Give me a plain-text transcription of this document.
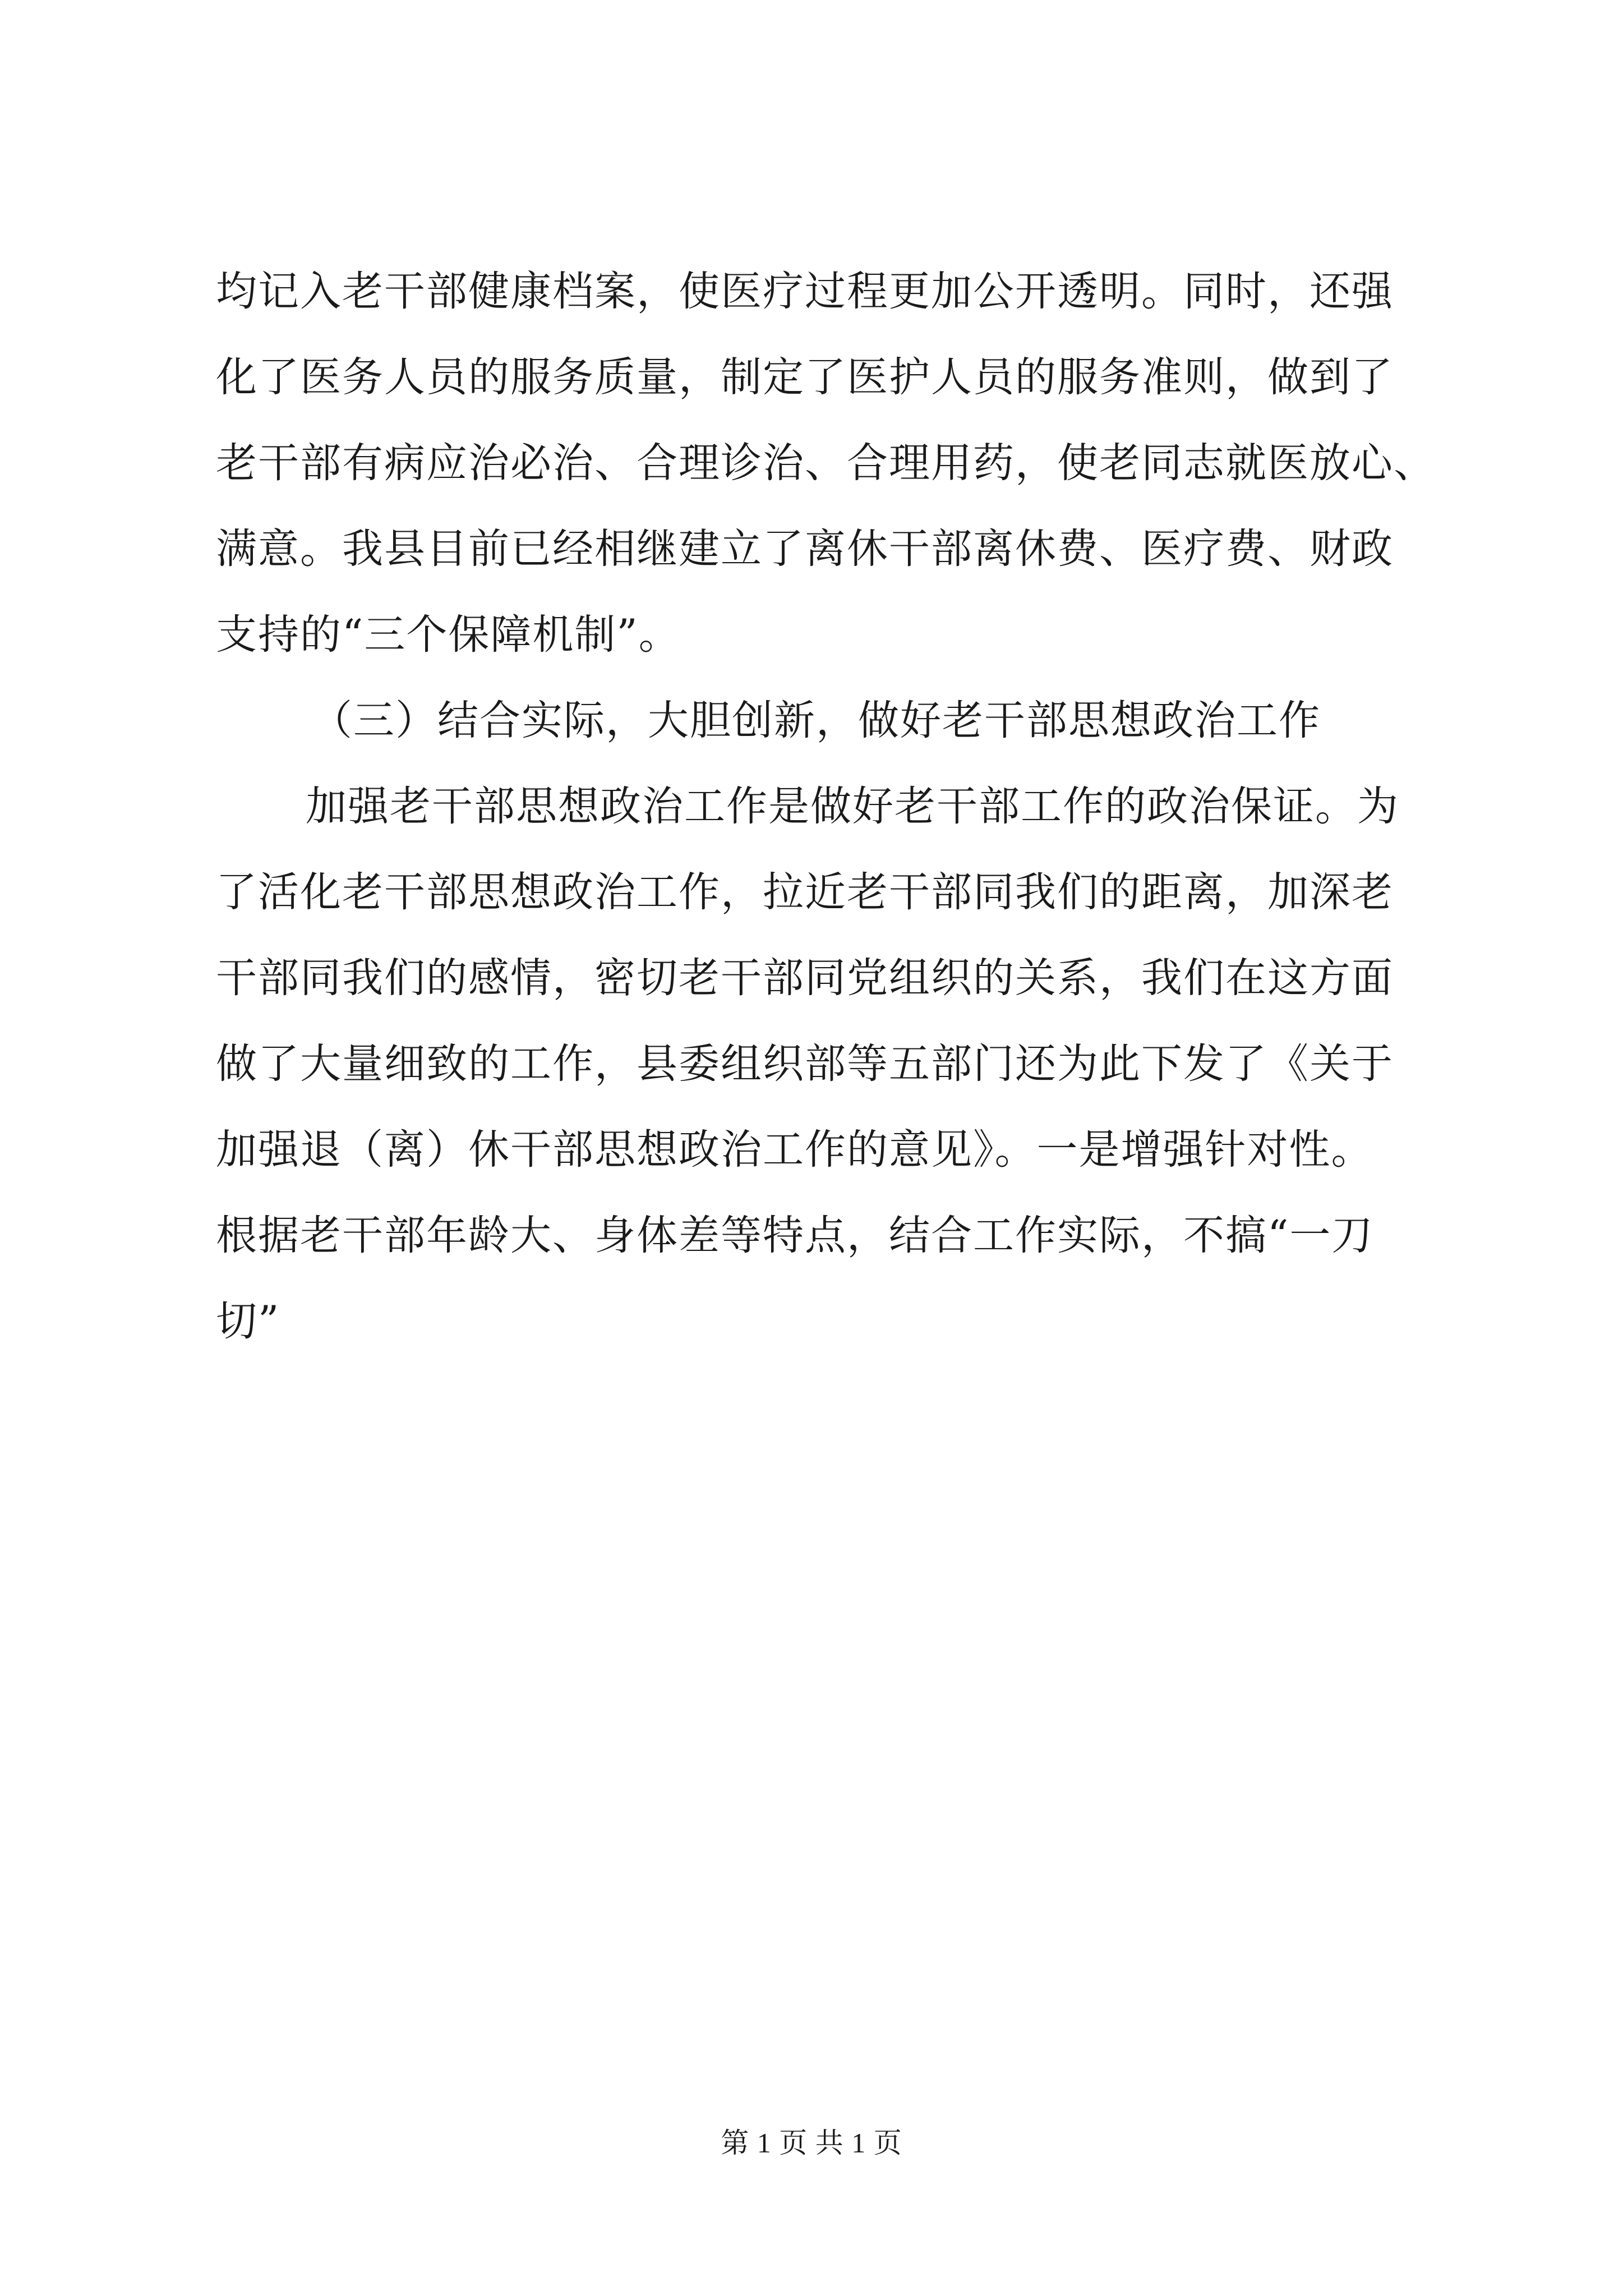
均记入老干部健康档案，使医疗过程更加公开透明。同时，还强
化了医务人员的服务质量，制定了医护人员的服务准则，做到了
老干部有病应治必治、合理诊治、合理用药，使老同志就医放心、
满意。我县目前已经相继建立了离休干部离休费、医疗费、财政
支持的“三个保障机制”。
（三）结合实际，大胆创新，做好老干部思想政治工作
加强老干部思想政治工作是做好老干部工作的政治保证。为
了活化老干部思想政治工作，拉近老干部同我们的距离，加深老
干部同我们的感情，密切老干部同党组织的关系，我们在这方面
做了大量细致的工作，县委组织部等五部门还为此下发了《关于
加强退（离）休干部思想政治工作的意见》。一是增强针对性。
根据老干部年龄大、身体差等特点，结合工作实际，不搞“一刀
切”
第 1 页 共 1 页
